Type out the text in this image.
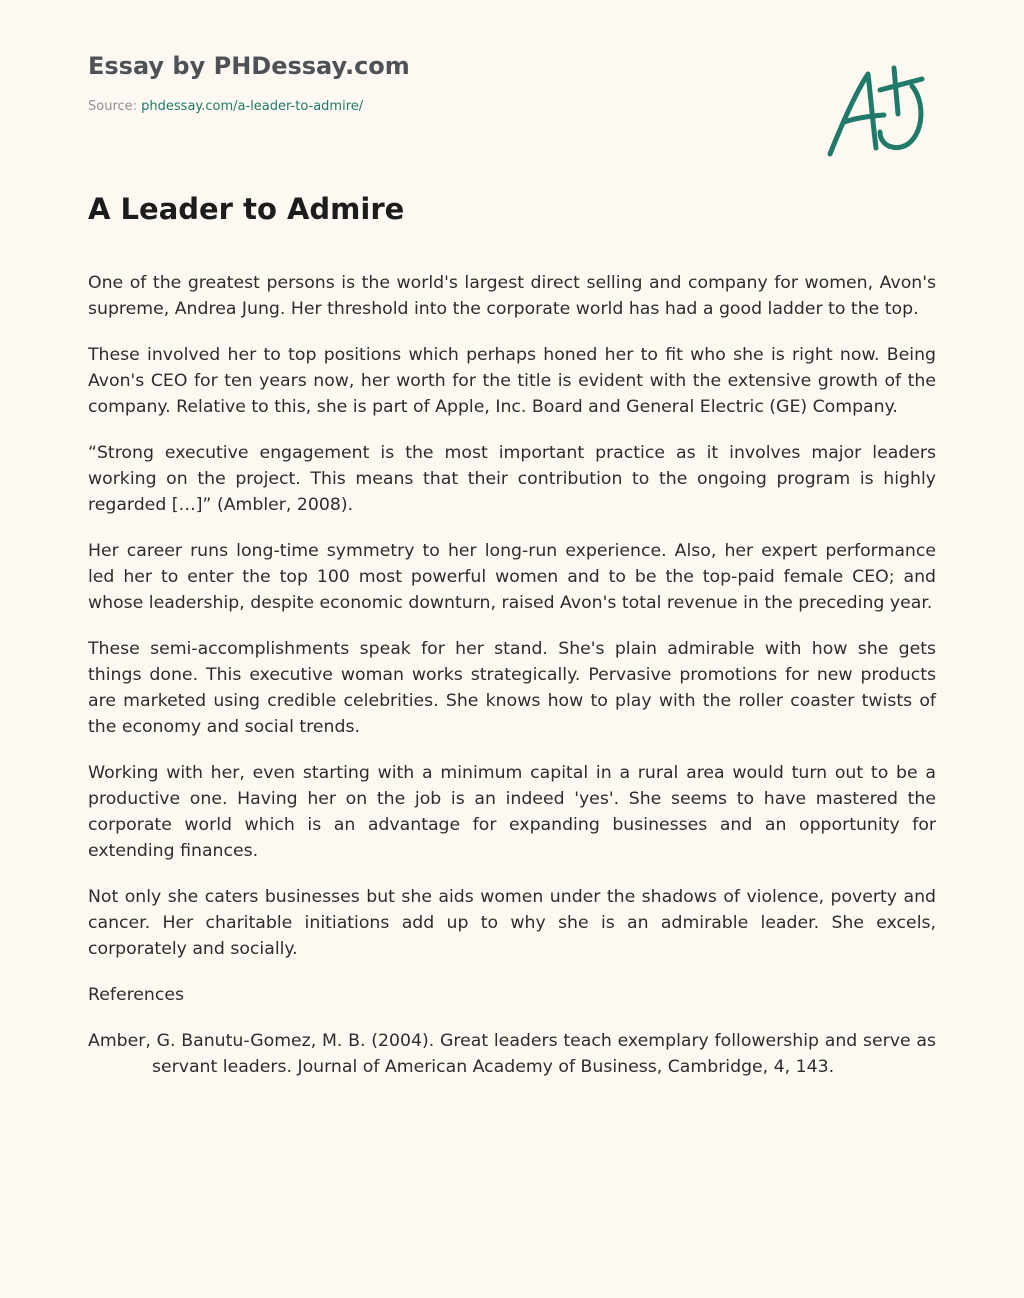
Essay by PHDessay.com
Source: phdessay.com/a-leader-to-admire/
A Leader to Admire

One of the greatest persons is the world's largest direct selling and company for women, Avon's supreme, Andrea Jung. Her threshold into the corporate world has had a good ladder to the top.

These involved her to top positions which perhaps honed her to fit who she is right now. Being Avon's CEO for ten years now, her worth for the title is evident with the extensive growth of the company. Relative to this, she is part of Apple, Inc. Board and General Electric (GE) Company.

“Strong executive engagement is the most important practice as it involves major leaders working on the project. This means that their contribution to the ongoing program is highly regarded […]” (Ambler, 2008).

Her career runs long-time symmetry to her long-run experience. Also, her expert performance led her to enter the top 100 most powerful women and to be the top-paid female CEO; and whose leadership, despite economic downturn, raised Avon's total revenue in the preceding year.

These semi-accomplishments speak for her stand. She's plain admirable with how she gets things done. This executive woman works strategically. Pervasive promotions for new products are marketed using credible celebrities. She knows how to play with the roller coaster twists of the economy and social trends.

Working with her, even starting with a minimum capital in a rural area would turn out to be a productive one. Having her on the job is an indeed 'yes'. She seems to have mastered the corporate world which is an advantage for expanding businesses and an opportunity for extending finances.

Not only she caters businesses but she aids women under the shadows of violence, poverty and cancer. Her charitable initiations add up to why she is an admirable leader. She excels, corporately and socially.

References

Amber, G. Banutu-Gomez, M. B. (2004). Great leaders teach exemplary followership and serve as servant leaders. Journal of American Academy of Business, Cambridge, 4, 143.
